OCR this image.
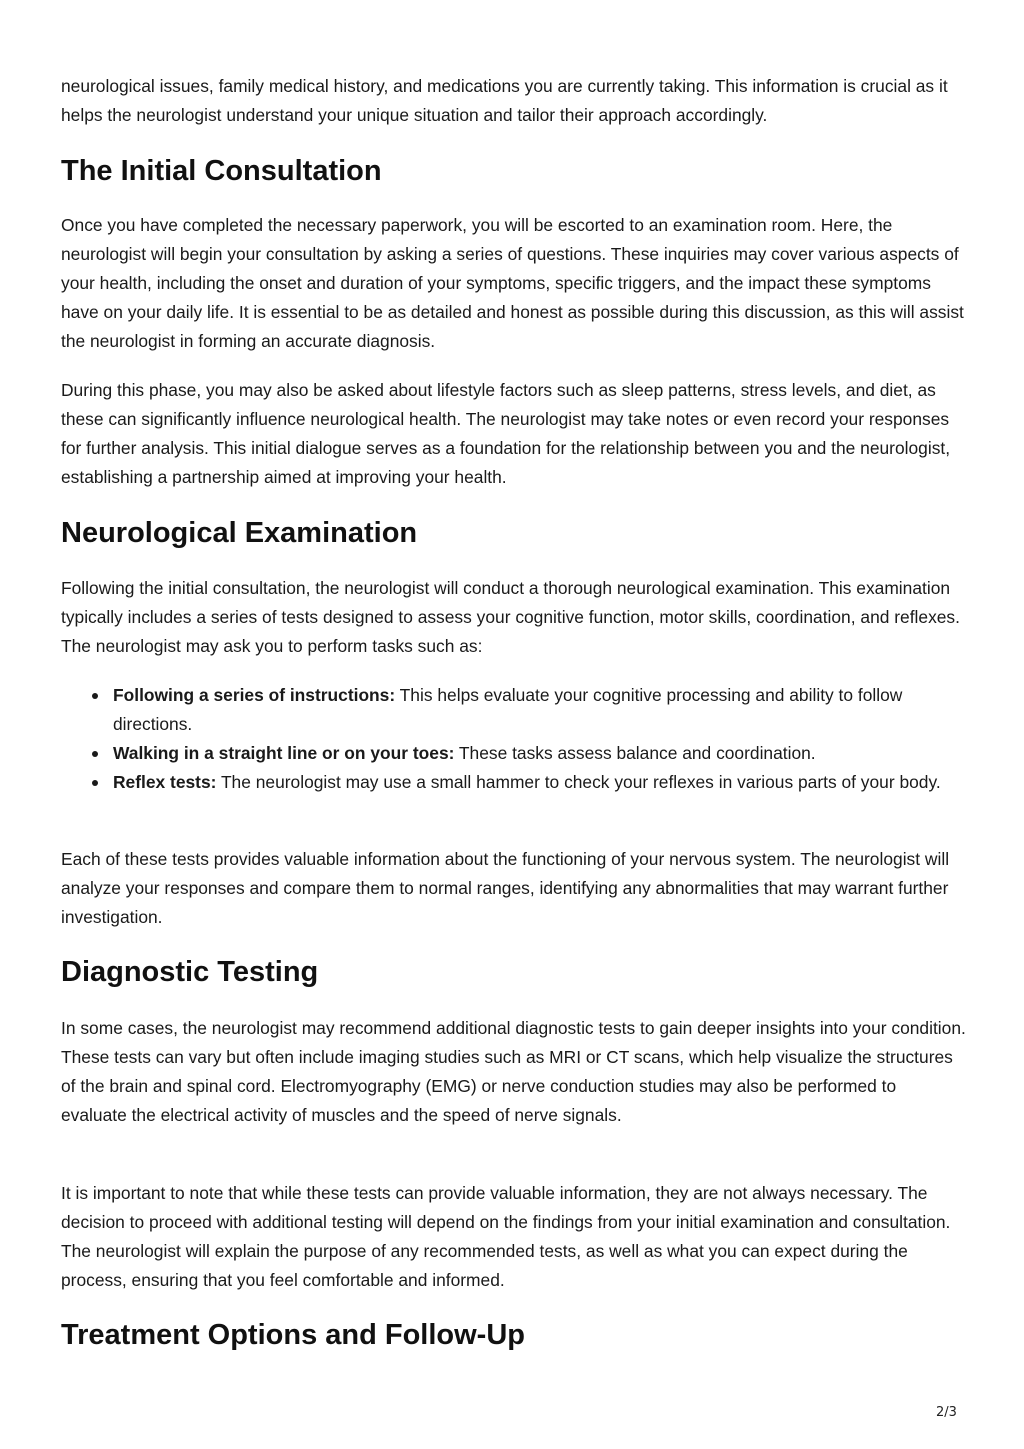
neurological issues, family medical history, and medications you are currently taking. This information is crucial as it helps the neurologist understand your unique situation and tailor their approach accordingly.

The Initial Consultation

Once you have completed the necessary paperwork, you will be escorted to an examination room. Here, the neurologist will begin your consultation by asking a series of questions. These inquiries may cover various aspects of your health, including the onset and duration of your symptoms, specific triggers, and the impact these symptoms have on your daily life. It is essential to be as detailed and honest as possible during this discussion, as this will assist the neurologist in forming an accurate diagnosis.

During this phase, you may also be asked about lifestyle factors such as sleep patterns, stress levels, and diet, as these can significantly influence neurological health. The neurologist may take notes or even record your responses for further analysis. This initial dialogue serves as a foundation for the relationship between you and the neurologist, establishing a partnership aimed at improving your health.

Neurological Examination

Following the initial consultation, the neurologist will conduct a thorough neurological examination. This examination typically includes a series of tests designed to assess your cognitive function, motor skills, coordination, and reflexes. The neurologist may ask you to perform tasks such as:

Following a series of instructions: This helps evaluate your cognitive processing and ability to follow directions.
Walking in a straight line or on your toes: These tasks assess balance and coordination.
Reflex tests: The neurologist may use a small hammer to check your reflexes in various parts of your body.

Each of these tests provides valuable information about the functioning of your nervous system. The neurologist will analyze your responses and compare them to normal ranges, identifying any abnormalities that may warrant further investigation.

Diagnostic Testing

In some cases, the neurologist may recommend additional diagnostic tests to gain deeper insights into your condition. These tests can vary but often include imaging studies such as MRI or CT scans, which help visualize the structures of the brain and spinal cord. Electromyography (EMG) or nerve conduction studies may also be performed to evaluate the electrical activity of muscles and the speed of nerve signals.

It is important to note that while these tests can provide valuable information, they are not always necessary. The decision to proceed with additional testing will depend on the findings from your initial examination and consultation. The neurologist will explain the purpose of any recommended tests, as well as what you can expect during the process, ensuring that you feel comfortable and informed.

Treatment Options and Follow-Up
2/3
